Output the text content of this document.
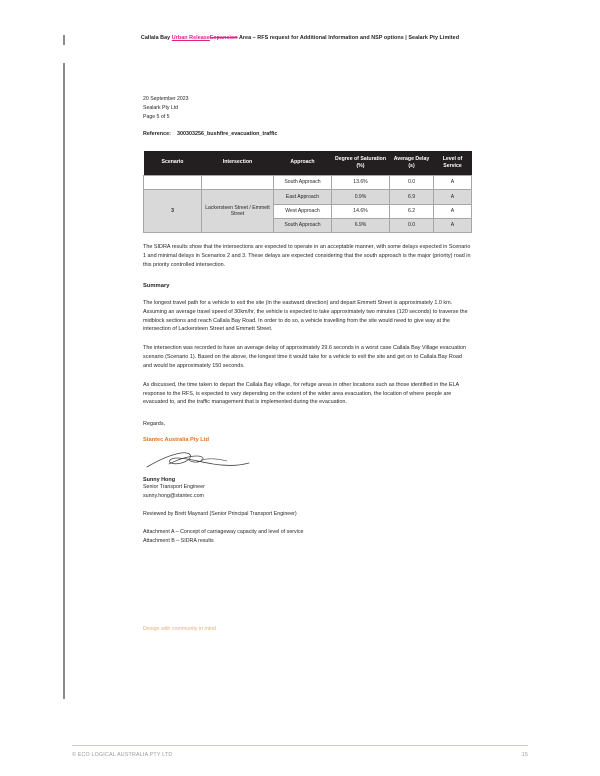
Callala Bay Urban ReleaseExpansion Area – RFS request for Additional Information and NSP options | Sealark Pty Limited
20 September 2023
Sealark Pty Ltd
Page 5 of 5
Reference: 300303256_bushfire_evacuation_traffic
Scenario	Intersection	Approach	Degree of Saturation (%)	Average Delay (s)	Level of Service
		South Approach	13.6%	0.0	A
3	Lackersteen Street / Emmett Street	East Approach	0.9%	6.9	A
		West Approach	14.6%	6.2	A
		South Approach	6.9%	0.0	A

The SIDRA results show that the intersections are expected to operate in an acceptable manner, with some delays expected in Scenario 1 and minimal delays in Scenarios 2 and 3. These delays are expected considering that the south approach is the major (priority) road in this priority controlled intersection.

Summary

The longest travel path for a vehicle to exit the site (in the eastward direction) and depart Emmett Street is approximately 1.0 km. Assuming an average travel speed of 30km/hr, the vehicle is expected to take approximately two minutes (120 seconds) to traverse the midblock sections and reach Callala Bay Road. In order to do so, a vehicle travelling from the site would need to give way at the intersection of Lackersteen Street and Emmett Street.

The intersection was recorded to have an average delay of approximately 29.6 seconds in a worst case Callala Bay Village evacuation scenario (Scenario 1). Based on the above, the longest time it would take for a vehicle to exit the site and get on to Callala Bay Road and would be approximately 150 seconds.

As discussed, the time taken to depart the Callala Bay village, for refuge areas in other locations such as those identified in the ELA response to the RFS, is expected to vary depending on the extent of the wider area evacuation, the location of where people are evacuated to, and the traffic management that is implemented during the evacuation.

Regards,
Stantec Australia Pty Ltd
Sunny Hong
Senior Transport Engineer
sunny.hong@stantec.com
Reviewed by Brett Maynard (Senior Principal Transport Engineer)
Attachment A – Concept of carriageway capacity and level of service
Attachment B – SIDRA results
Design with community in mind
© ECO LOGICAL AUSTRALIA PTY LTD	15
